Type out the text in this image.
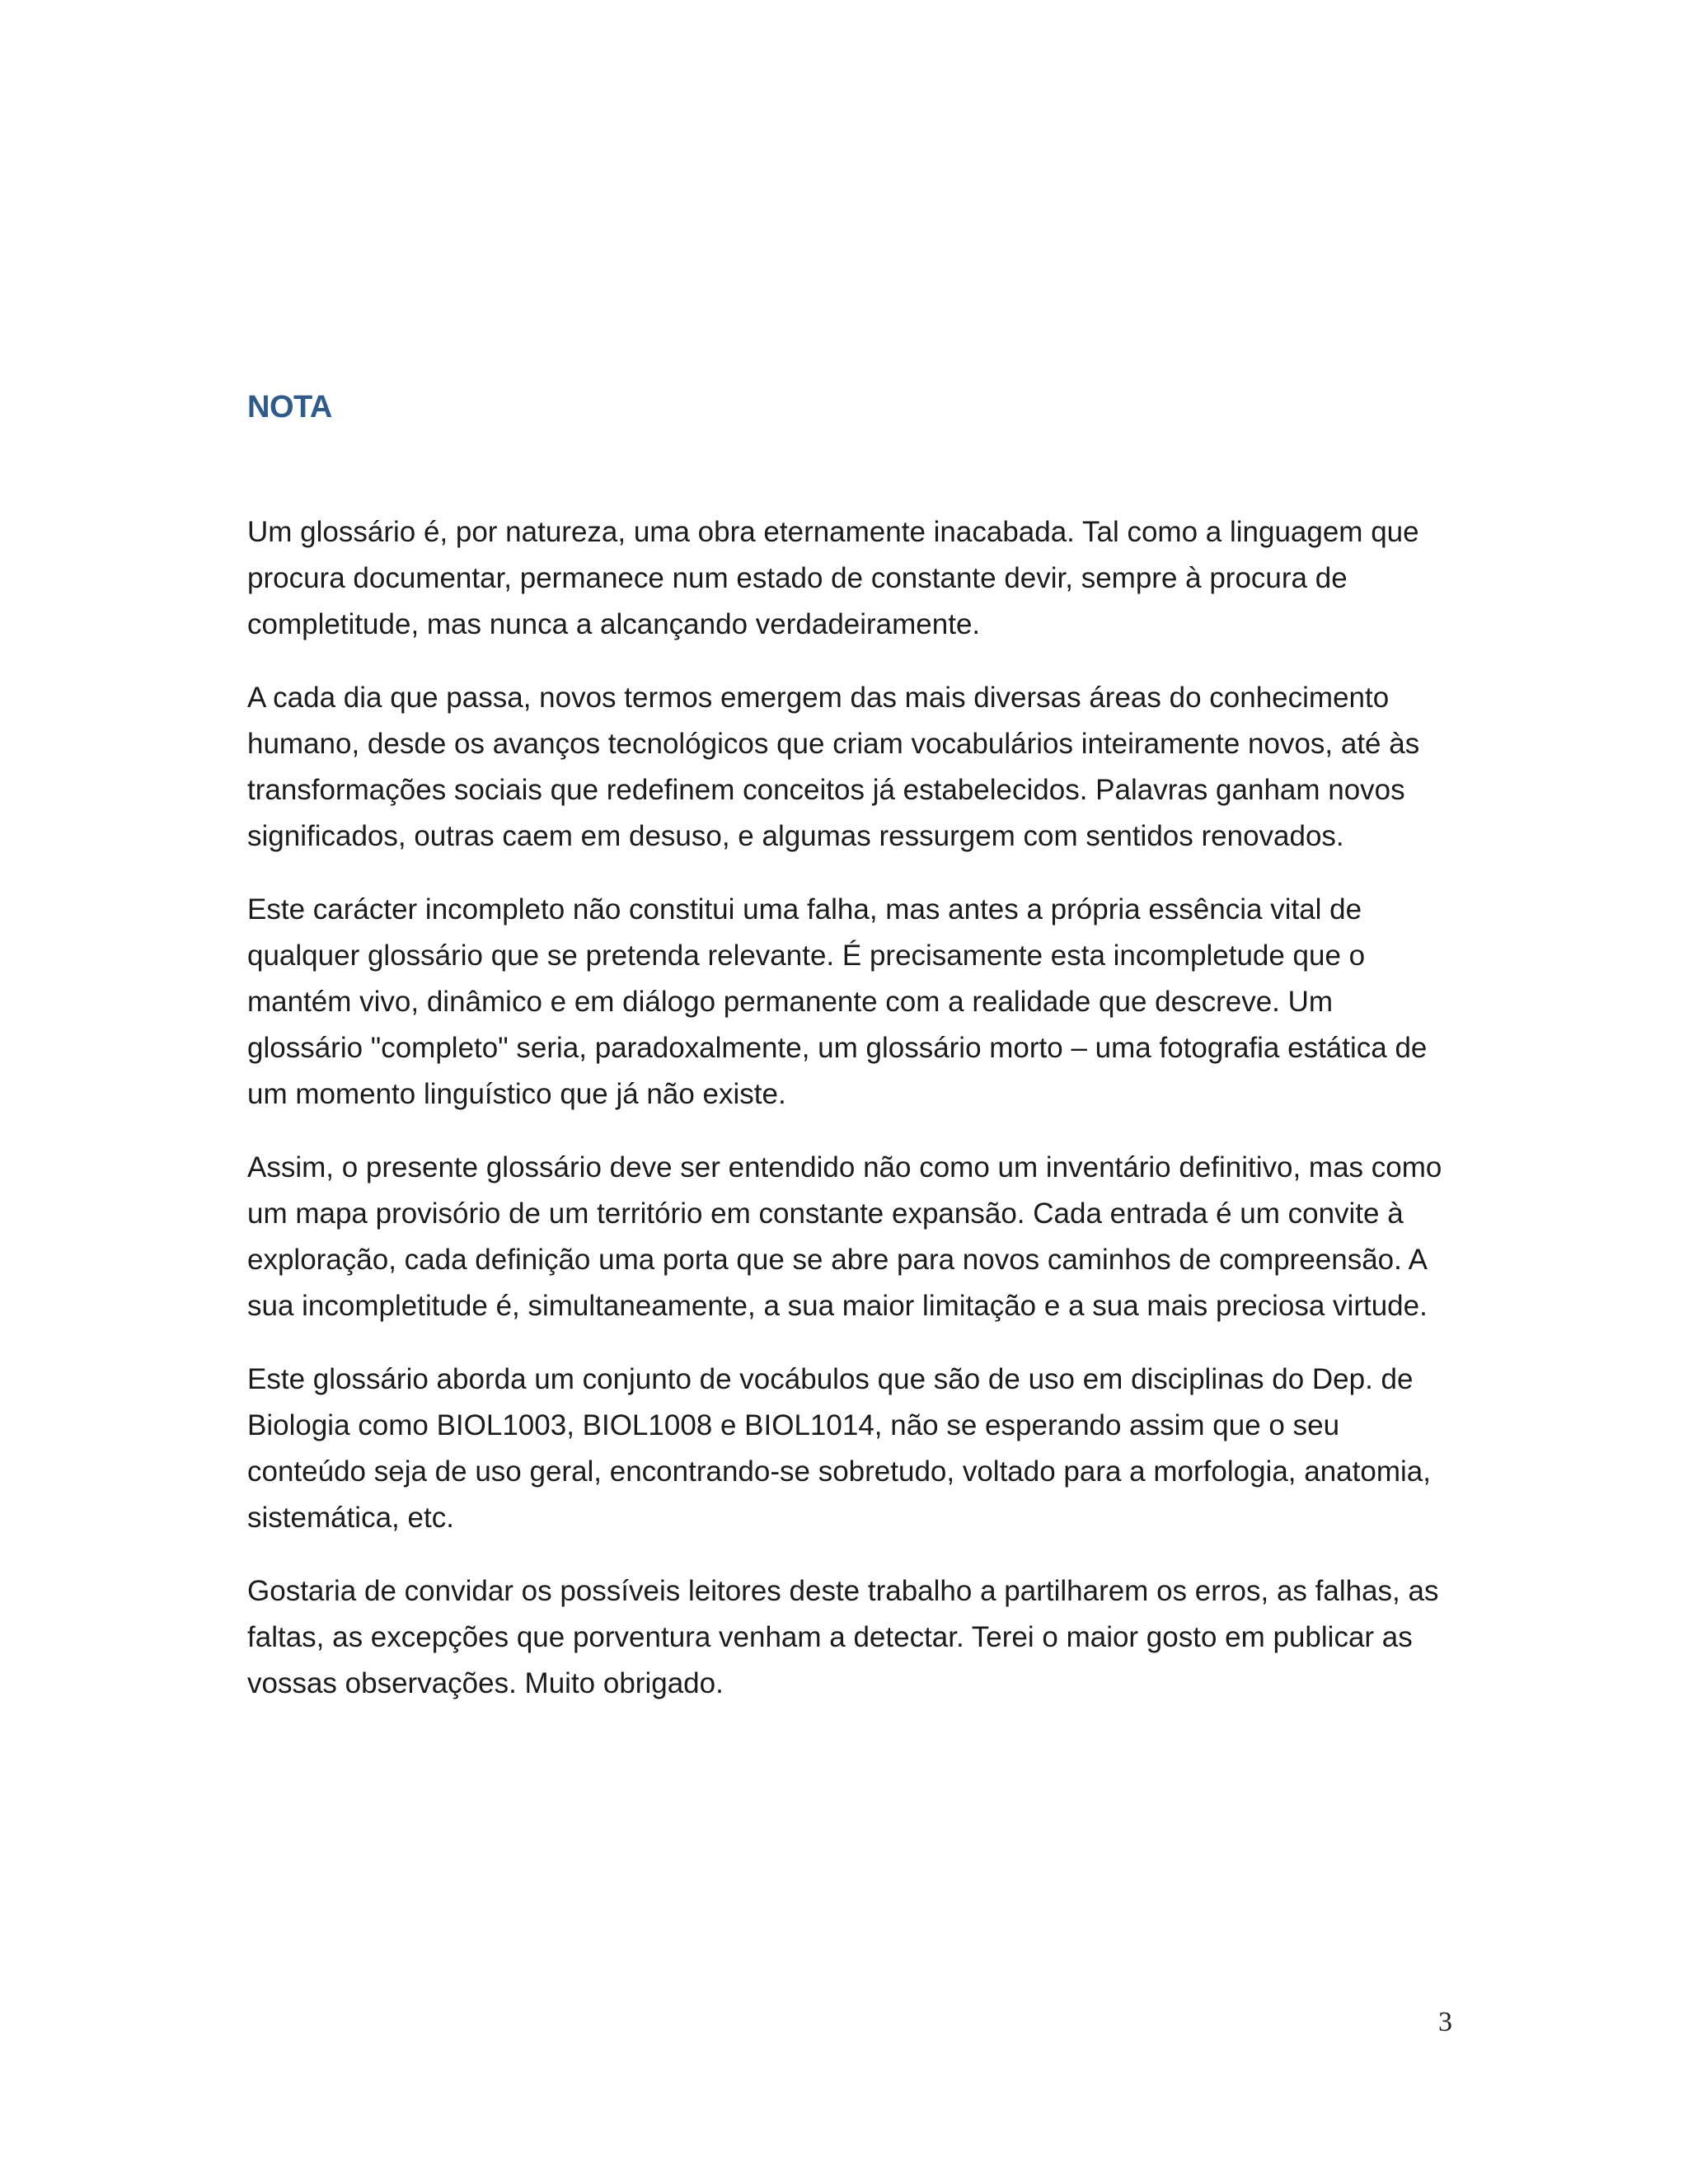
NOTA

Um glossário é, por natureza, uma obra eternamente inacabada. Tal como a linguagem que procura documentar, permanece num estado de constante devir, sempre à procura de completitude, mas nunca a alcançando verdadeiramente.

A cada dia que passa, novos termos emergem das mais diversas áreas do conhecimento humano, desde os avanços tecnológicos que criam vocabulários inteiramente novos, até às transformações sociais que redefinem conceitos já estabelecidos. Palavras ganham novos significados, outras caem em desuso, e algumas ressurgem com sentidos renovados.

Este carácter incompleto não constitui uma falha, mas antes a própria essência vital de qualquer glossário que se pretenda relevante. É precisamente esta incompletude que o mantém vivo, dinâmico e em diálogo permanente com a realidade que descreve. Um glossário "completo" seria, paradoxalmente, um glossário morto – uma fotografia estática de um momento linguístico que já não existe.

Assim, o presente glossário deve ser entendido não como um inventário definitivo, mas como um mapa provisório de um território em constante expansão. Cada entrada é um convite à exploração, cada definição uma porta que se abre para novos caminhos de compreensão. A sua incompletitude é, simultaneamente, a sua maior limitação e a sua mais preciosa virtude.

Este glossário aborda um conjunto de vocábulos que são de uso em disciplinas do Dep. de Biologia como BIOL1003, BIOL1008 e BIOL1014, não se esperando assim que o seu conteúdo seja de uso geral, encontrando-se sobretudo, voltado para a morfologia, anatomia, sistemática, etc.

Gostaria de convidar os possíveis leitores deste trabalho a partilharem os erros, as falhas, as faltas, as excepções que porventura venham a detectar. Terei o maior gosto em publicar as vossas observações. Muito obrigado.

3
